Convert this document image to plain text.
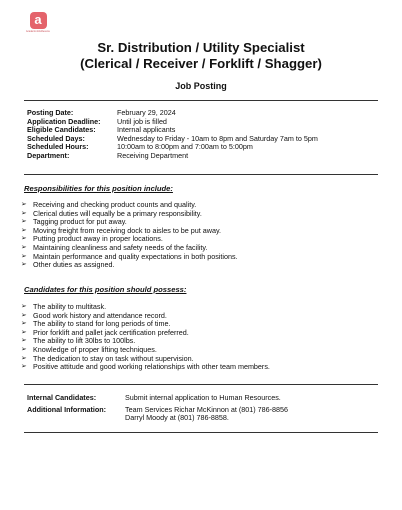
a
AcademicJobsResume
Sr. Distribution / Utility Specialist
(Clerical / Receiver / Forklift / Shagger)
Job Posting
Posting Date:	February 29, 2024
Application Deadline:	Until job is filled
Eligible Candidates:	Internal applicants
Scheduled Days:	Wednesday to Friday - 10am to 8pm and Saturday 7am to 5pm
Scheduled Hours:	10:00am to 8:00pm and 7:00am to 5:00pm
Department:	Receiving Department
Responsibilities for this position include:
➢ Receiving and checking product counts and quality.
➢ Clerical duties will equally be a primary responsibility.
➢ Tagging product for put away.
➢ Moving freight from receiving dock to aisles to be put away.
➢ Putting product away in proper locations.
➢ Maintaining cleanliness and safety needs of the facility.
➢ Maintain performance and quality expectations in both positions.
➢ Other duties as assigned.
Candidates for this position should possess:
➢ The ability to multitask.
➢ Good work history and attendance record.
➢ The ability to stand for long periods of time.
➢ Prior forklift and pallet jack certification preferred.
➢ The ability to lift 30lbs to 100lbs.
➢ Knowledge of proper lifting techniques.
➢ The dedication to stay on task without supervision.
➢ Positive attitude and good working relationships with other team members.
Internal Candidates:	Submit internal application to Human Resources.
Additional Information:	Team Services Richar McKinnon at (801) 786-8856
Darryl Moody at (801) 786-8858.
